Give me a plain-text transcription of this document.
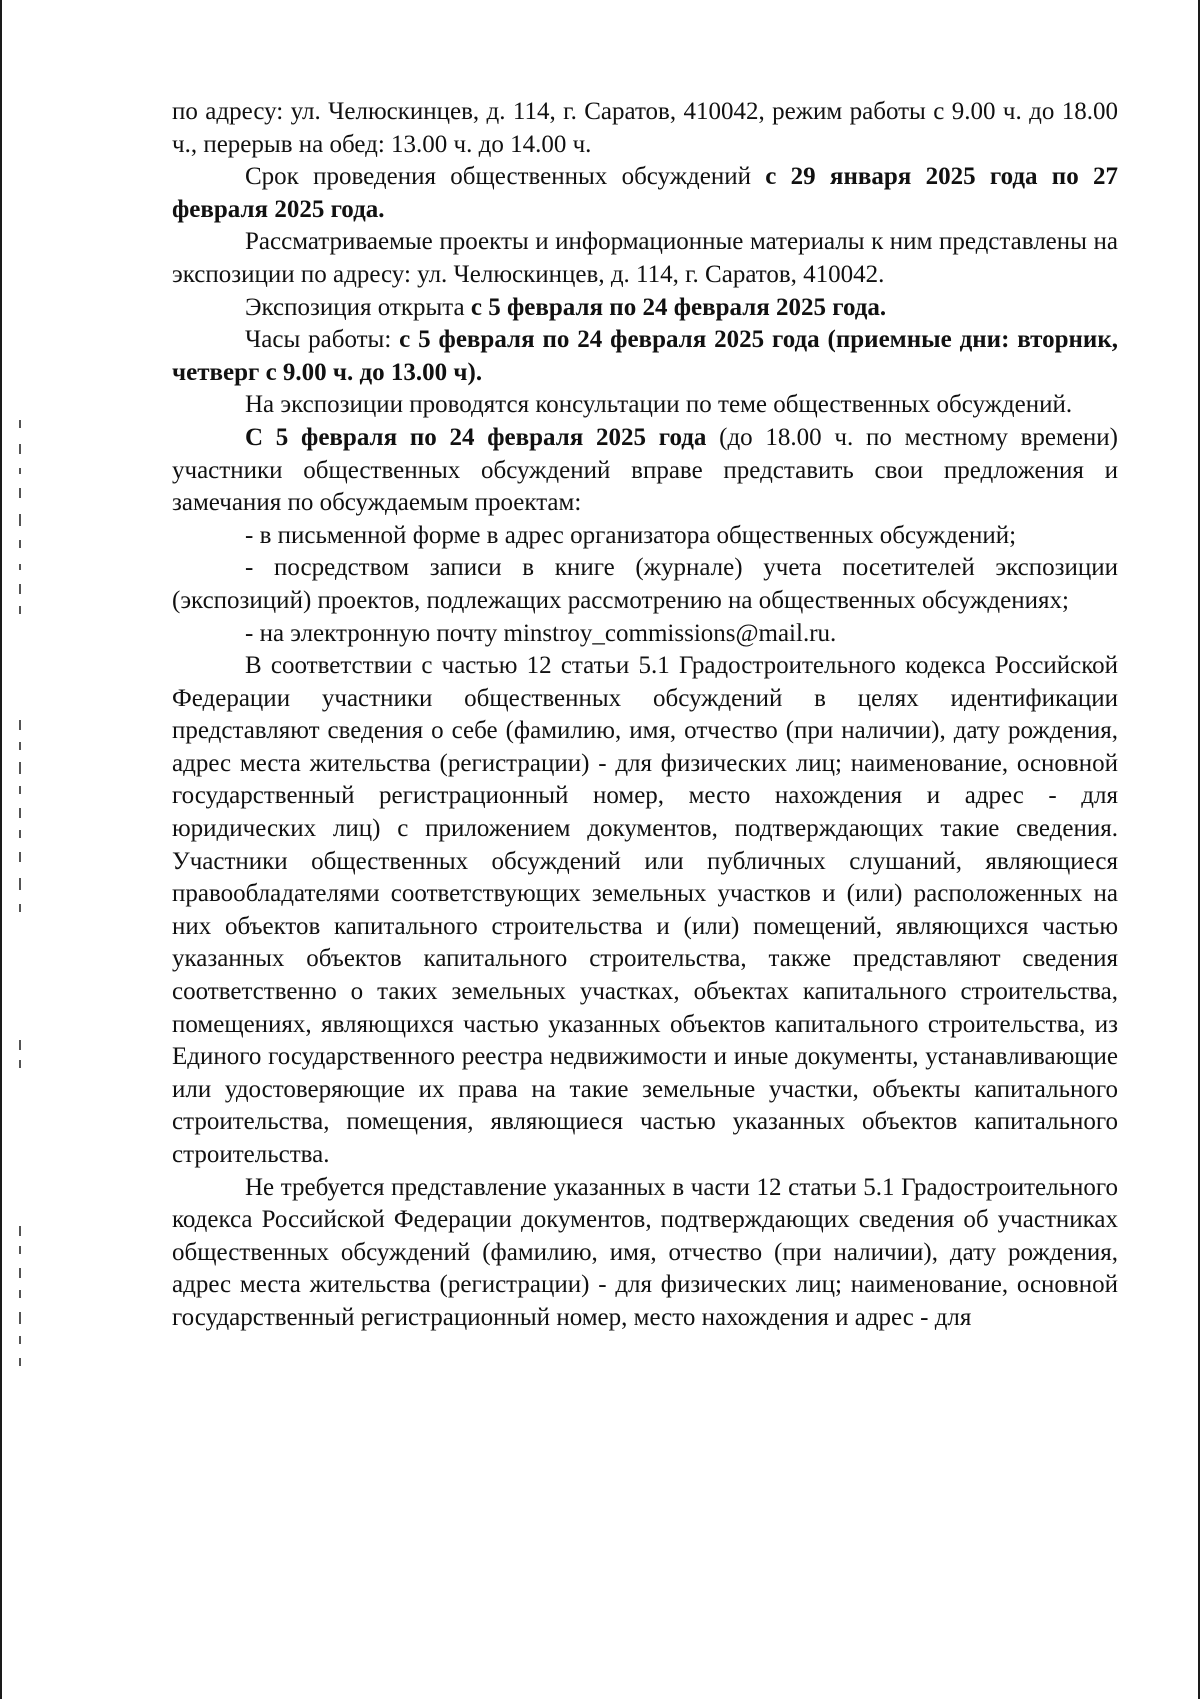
по адресу: ул. Челюскинцев, д. 114, г. Саратов, 410042, режим работы с 9.00 ч. до 18.00 ч., перерыв на обед: 13.00 ч. до 14.00 ч.

Срок проведения общественных обсуждений с 29 января 2025 года по 27 февраля 2025 года.

Рассматриваемые проекты и информационные материалы к ним представлены на экспозиции по адресу: ул. Челюскинцев, д. 114, г. Саратов, 410042.

Экспозиция открыта с 5 февраля по 24 февраля 2025 года.

Часы работы: с 5 февраля по 24 февраля 2025 года (приемные дни: вторник, четверг с 9.00 ч. до 13.00 ч).

На экспозиции проводятся консультации по теме общественных обсуждений.

С 5 февраля по 24 февраля 2025 года (до 18.00 ч. по местному времени) участники общественных обсуждений вправе представить свои предложения и замечания по обсуждаемым проектам:

- в письменной форме в адрес организатора общественных обсуждений;

- посредством записи в книге (журнале) учета посетителей экспозиции (экспозиций) проектов, подлежащих рассмотрению на общественных обсуждениях;

- на электронную почту minstroy_commissions@mail.ru.

В соответствии с частью 12 статьи 5.1 Градостроительного кодекса Российской Федерации участники общественных обсуждений в целях идентификации представляют сведения о себе (фамилию, имя, отчество (при наличии), дату рождения, адрес места жительства (регистрации) - для физических лиц; наименование, основной государственный регистрационный номер, место нахождения и адрес - для юридических лиц) с приложением документов, подтверждающих такие сведения. Участники общественных обсуждений или публичных слушаний, являющиеся правообладателями соответствующих земельных участков и (или) расположенных на них объектов капитального строительства и (или) помещений, являющихся частью указанных объектов капитального строительства, также представляют сведения соответственно о таких земельных участках, объектах капитального строительства, помещениях, являющихся частью указанных объектов капитального строительства, из Единого государственного реестра недвижимости и иные документы, устанавливающие или удостоверяющие их права на такие земельные участки, объекты капитального строительства, помещения, являющиеся частью указанных объектов капитального строительства.

Не требуется представление указанных в части 12 статьи 5.1 Градостроительного кодекса Российской Федерации документов, подтверждающих сведения об участниках общественных обсуждений (фамилию, имя, отчество (при наличии), дату рождения, адрес места жительства (регистрации) - для физических лиц; наименование, основной государственный регистрационный номер, место нахождения и адрес - для
